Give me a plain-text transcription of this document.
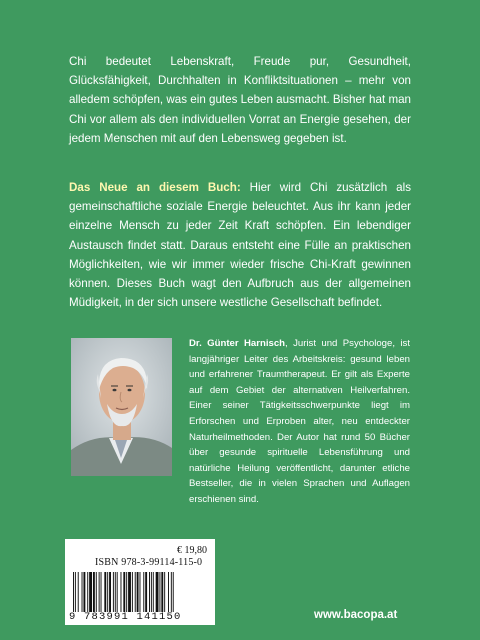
Chi bedeutet Lebenskraft, Freude pur, Gesundheit, Glücksfähigkeit, Durchhalten in Konfliktsituationen – mehr von alledem schöpfen, was ein gutes Leben ausmacht. Bisher hat man Chi vor allem als den individuellen Vorrat an Energie gesehen, der jedem Menschen mit auf den Lebensweg gegeben ist.

Das Neue an diesem Buch: Hier wird Chi zusätzlich als gemeinschaftliche soziale Energie beleuchtet. Aus ihr kann jeder einzelne Mensch zu jeder Zeit Kraft schöpfen. Ein lebendiger Austausch findet statt. Daraus entsteht eine Fülle an praktischen Möglichkeiten, wie wir immer wieder frische Chi-Kraft gewinnen können. Dieses Buch wagt den Aufbruch aus der allgemeinen Müdigkeit, in der sich unsere westliche Gesellschaft befindet.

Dr. Günter Harnisch, Jurist und Psychologe, ist langjähriger Leiter des Arbeitskreis: gesund leben und erfahrener Traumtherapeut. Er gilt als Experte auf dem Gebiet der alternativen Heilverfahren. Einer seiner Tätigkeitsschwerpunkte liegt im Erforschen und Erproben alter, neu entdeckter Naturheilmethoden. Der Autor hat rund 50 Bücher über gesunde spirituelle Lebensführung und natürliche Heilung veröffentlicht, darunter etliche Bestseller, die in vielen Sprachen und Auflagen erschienen sind.

€ 19,80
ISBN 978-3-99114-115-0
9 783991 141150	www.bacopa.at
